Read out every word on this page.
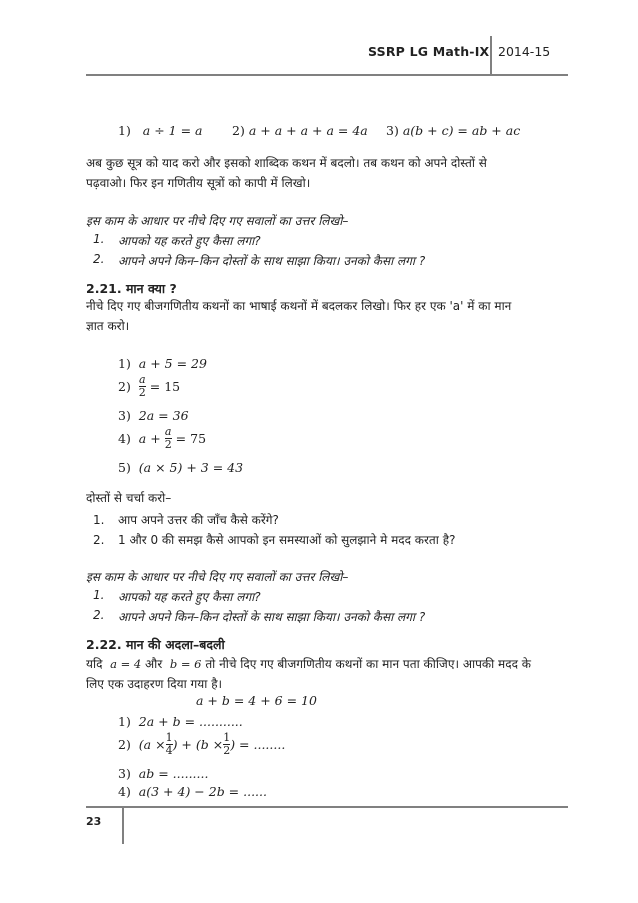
SSRP LG Math-IX 2014-15
1) a ÷ 1 = a 2) a + a + a + a = 4a 3) a(b + c) = ab + ac
अब कुछ सूत्र को याद करो और इसको शाब्दिक कथन में बदलो। तब कथन को अपने दोस्तों से
पढ़वाओ। फिर इन गणितीय सूत्रों को कापी में लिखो।
इस काम के आधार पर नीचे दिए गए सवालों का उत्तर लिखो–
1. आपको यह करते हुए कैसा लगा?
2. आपने अपने किन–किन दोस्तों के साथ साझा किया। उनको कैसा लगा ?
2.21. मान क्या ?
नीचे दिए गए बीजगणितीय कथनों का भाषाई कथनों में बदलकर लिखो। फिर हर एक 'a' में का मान
ज्ञात करो।
1) a + 5 = 29
$2) \frac{a}{2} = 15$
3) 2a = 36
4) $a + \frac{a}{2} = 75$
5) (a × 5) + 3 = 43
दोस्तों से चर्चा करो–
1. आप अपने उत्तर की जाँच कैसे करेंगे?
2. 1 और 0 की समझ कैसे आपको इन समस्याओं को सुलझाने मे मदद करता है?
इस काम के आधार पर नीचे दिए गए सवालों का उत्तर लिखो–
1. आपको यह करते हुए कैसा लगा?
2. आपने अपने किन–किन दोस्तों के साथ साझा किया। उनको कैसा लगा ?
2.22. मान की अदला–बदली
यदि a = 4 और b = 6 तो नीचे दिए गए बीजगणितीय कथनों का मान पता कीजिए। आपकी मदद के
लिए एक उदाहरण दिया गया है।
a + b = 4 + 6 = 10
1) 2a + b = ...........
2) ($a \times\frac{1}{4}$ ) + ($b \times\frac{1}{2}$ ) = ........
3) ab = .........
4) a(3 + 4) − 2b = ......
23
